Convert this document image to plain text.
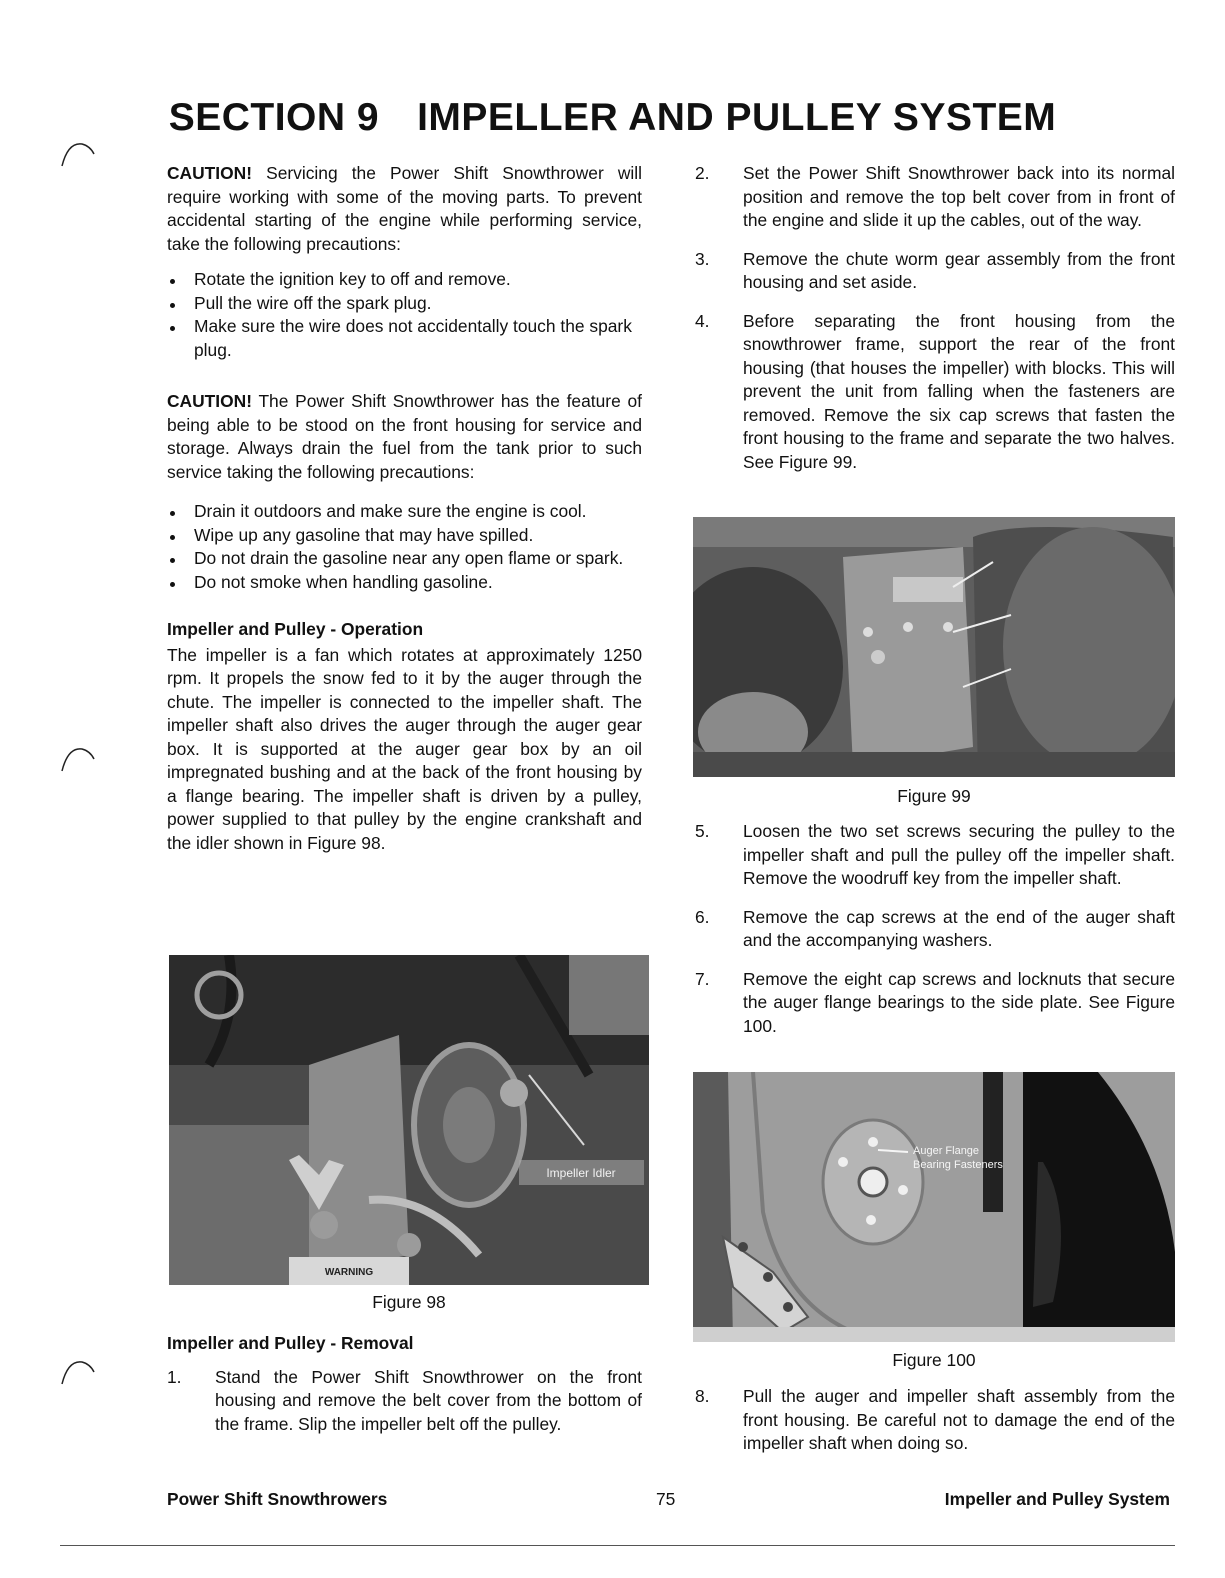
SECTION 9 IMPELLER AND PULLEY SYSTEM

CAUTION! Servicing the Power Shift Snowthrower will require working with some of the moving parts. To prevent accidental starting of the engine while performing service, take the following precautions:

Rotate the ignition key to off and remove.
Pull the wire off the spark plug.
Make sure the wire does not accidentally touch the spark plug.

CAUTION! The Power Shift Snowthrower has the feature of being able to be stood on the front housing for service and storage. Always drain the fuel from the tank prior to such service taking the following precautions:

Drain it outdoors and make sure the engine is cool.
Wipe up any gasoline that may have spilled.
Do not drain the gasoline near any open flame or spark.
Do not smoke when handling gasoline.

Impeller and Pulley - Operation

The impeller is a fan which rotates at approximately 1250 rpm. It propels the snow fed to it by the auger through the chute. The impeller is connected to the impeller shaft. The impeller shaft also drives the auger through the auger gear box. It is supported at the auger gear box by an oil impregnated bushing and at the back of the front housing by a flange bearing. The impeller shaft is driven by a pulley, power supplied to that pulley by the engine crankshaft and the idler shown in Figure 98.

Impeller Idler
WARNING
Figure 98

Impeller and Pulley - Removal

1. Stand the Power Shift Snowthrower on the front housing and remove the belt cover from the bottom of the frame. Slip the impeller belt off the pulley.

2. Set the Power Shift Snowthrower back into its normal position and remove the top belt cover from in front of the engine and slide it up the cables, out of the way.

3. Remove the chute worm gear assembly from the front housing and set aside.

4. Before separating the front housing from the snowthrower frame, support the rear of the front housing (that houses the impeller) with blocks. This will prevent the unit from falling when the fasteners are removed. Remove the six cap screws that fasten the front housing to the frame and separate the two halves. See Figure 99.

Figure 99
5. Loosen the two set screws securing the pulley to the impeller shaft and pull the pulley off the impeller shaft. Remove the woodruff key from the impeller shaft.

6. Remove the cap screws at the end of the auger shaft and the accompanying washers.

7. Remove the eight cap screws and locknuts that secure the auger flange bearings to the side plate. See Figure 100.

Auger Flange
Bearing Fasteners
Figure 100
8. Pull the auger and impeller shaft assembly from the front housing. Be careful not to damage the end of the impeller shaft when doing so.

Power Shift Snowthrowers	75	Impeller and Pulley System
